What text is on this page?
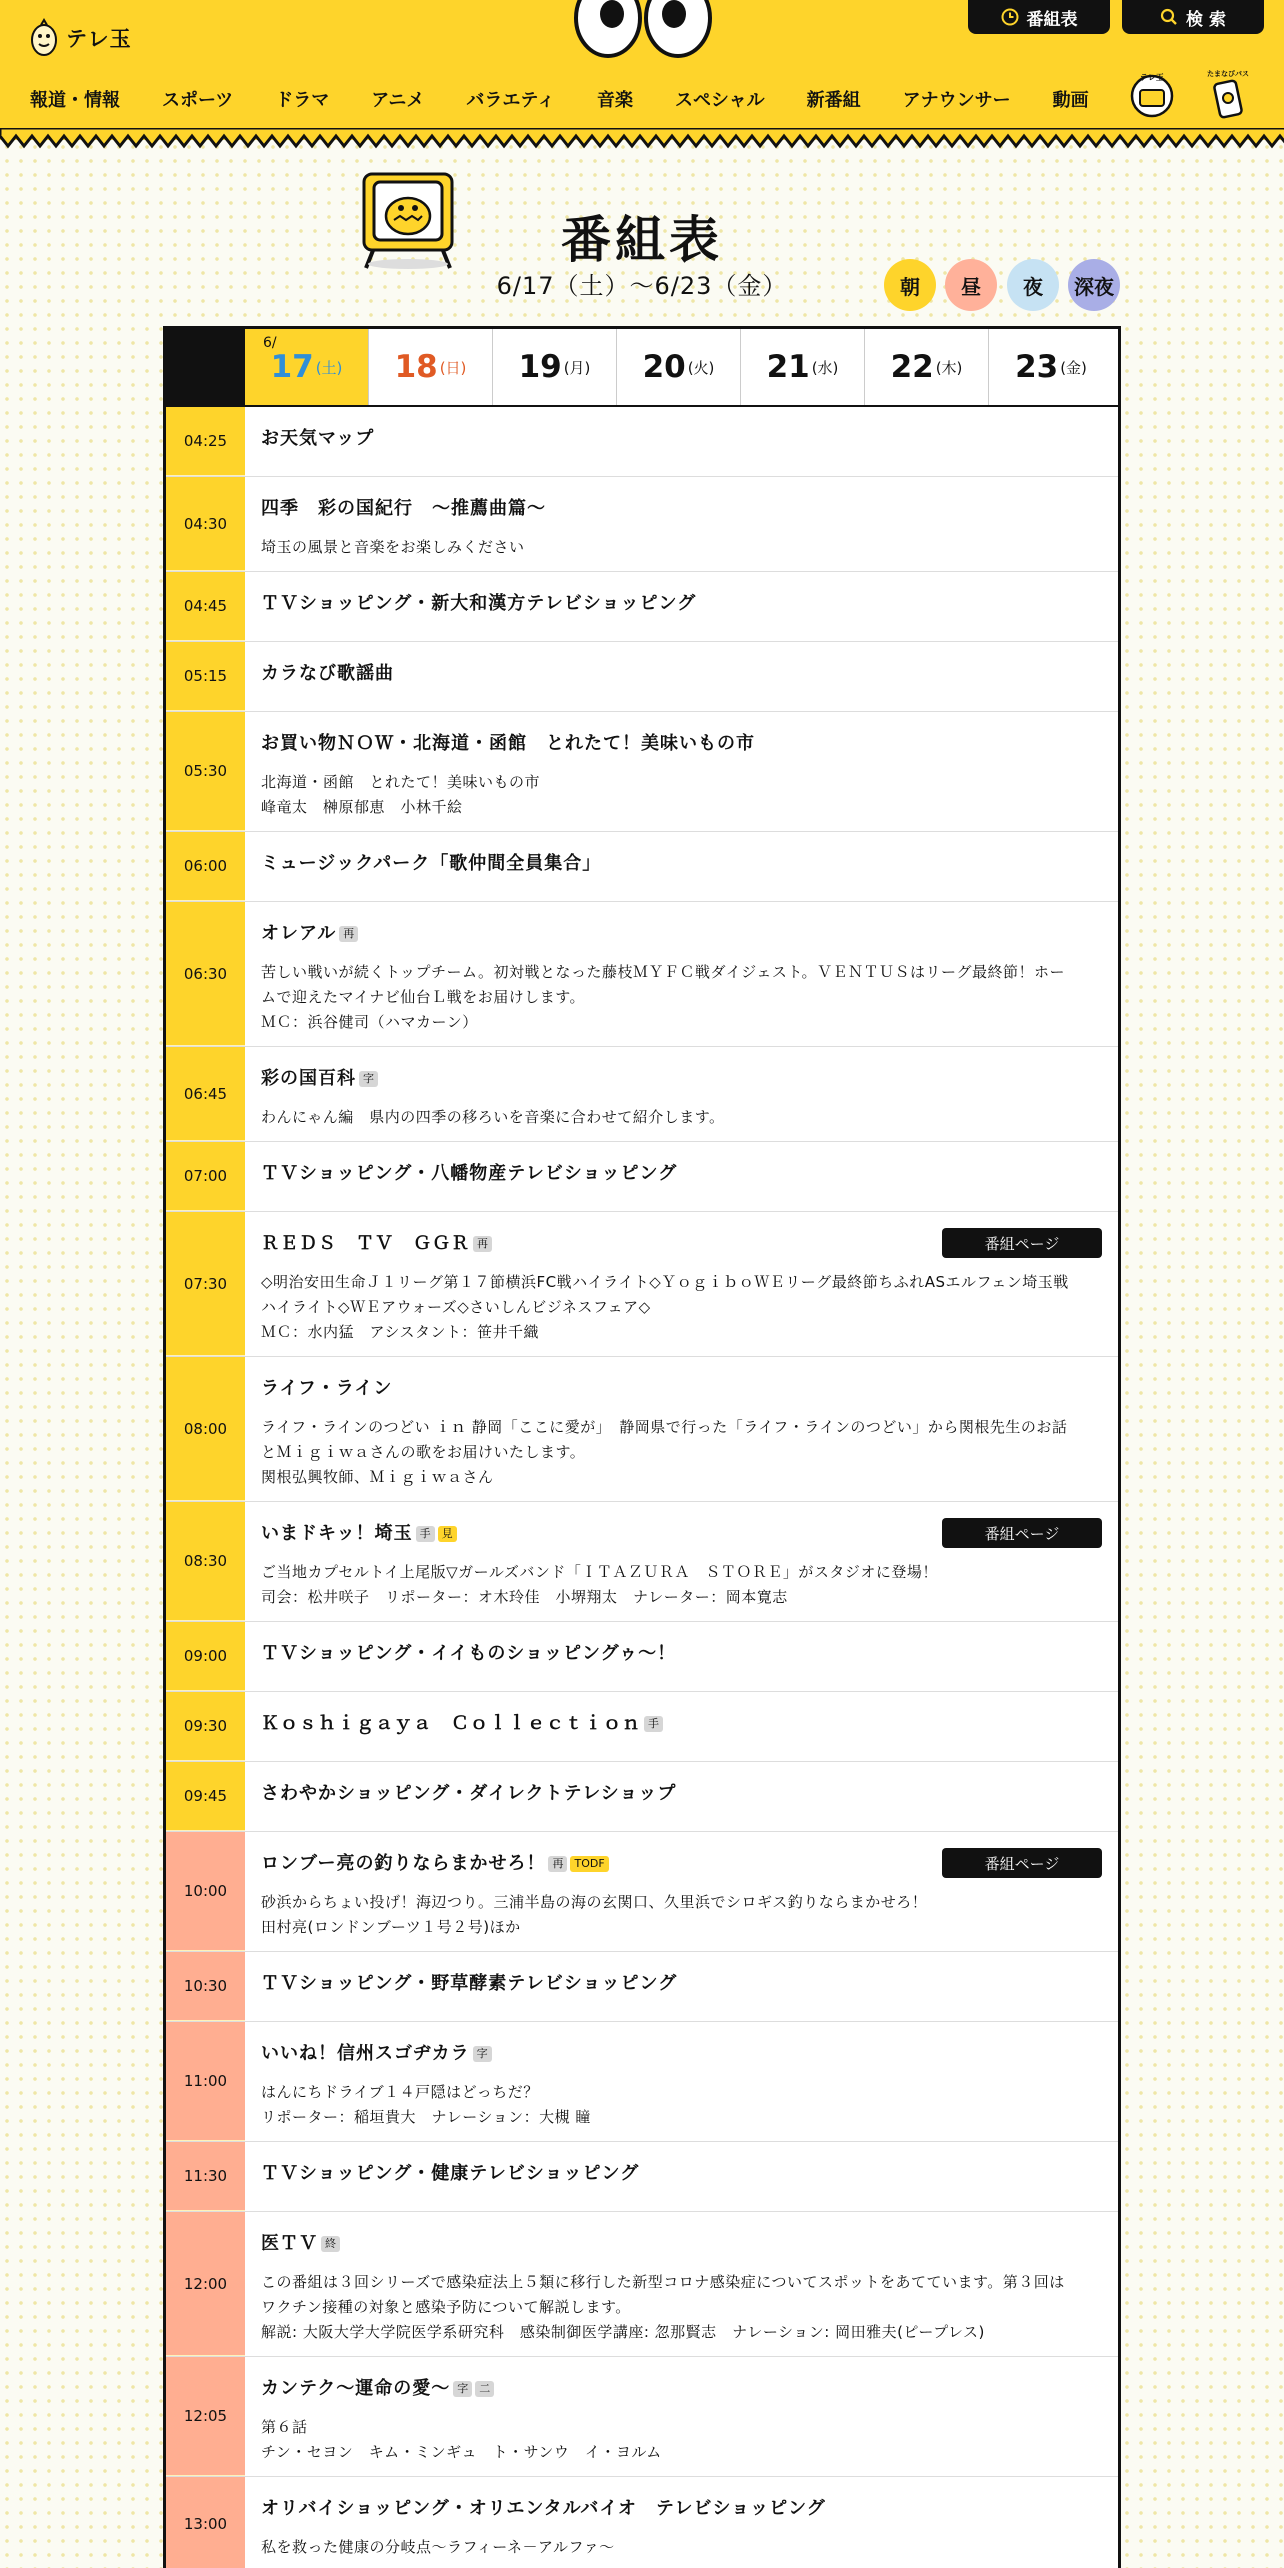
テレ玉
番組表	検 索
報道・情報 スポーツ ドラマ アニメ バラエティ 音楽 スペシャル 新番組 アナウンサー 動画
テレ玉	たまなびパス
番組表
6/17（土）〜6/23（金）	朝	昼	夜	深夜
17 (土) 18 (日) 19 (月) 20 (火) 21 (水) 22 (木) 23 (金)
6/
04:25	お天気マップ
04:30
四季　彩の国紀行　～推薦曲篇～
埼玉の風景と音楽をお楽しみください
04:45	ＴＶショッピング・新大和漢方テレビショッピング
05:15	カラなび歌謡曲
05:30
お買い物ＮＯＷ・北海道・函館　とれたて！美味いもの市
北海道・函館　とれたて！美味いもの市
峰竜太　榊原郁恵　小林千絵
06:00	ミュージックパーク「歌仲間全員集合」
06:30
オレアル 再
苦しい戦いが続くトップチーム。初対戦となった藤枝ＭＹＦＣ戦ダイジェスト。ＶＥＮＴＵＳはリーグ最終節！ホー
ムで迎えたマイナビ仙台Ｌ戦をお届けします。
ＭＣ：浜谷健司（ハマカーン）
06:45
彩の国百科 字
わんにゃん編　県内の四季の移ろいを音楽に合わせて紹介します。
07:00	ＴＶショッピング・八幡物産テレビショッピング
07:30
ＲＥＤＳ　ＴＶ　ＧＧＲ 再
◇明治安田生命Ｊ１リーグ第１７節横浜FC戦ハイライト◇ＹｏｇｉｂｏＷＥリーグ最終節ちふれASエルフェン埼玉戦
ハイライト◇ＷＥアウォーズ◇さいしんビジネスフェア◇
ＭＣ：水内猛　アシスタント：笹井千織
番組ページ
08:00
ライフ・ライン
ライフ・ラインのつどい ｉｎ 静岡「ここに愛が」　静岡県で行った「ライフ・ラインのつどい」から関根先生のお話
とＭｉｇｉｗａさんの歌をお届けいたします。
関根弘興牧師、Ｍｉｇｉｗａさん
08:30
いまドキッ！埼玉 手 見
ご当地カプセルトイ上尾版▽ガールズバンド「ＩＴＡＺＵＲＡ　ＳＴＯＲＥ」がスタジオに登場！
司会：松井咲子　リポーター：オ木玲佳　小堺翔太　ナレーター：岡本寛志
番組ページ
09:00	ＴＶショッピング・イイものショッピングゥ～！
09:30	Ｋｏｓｈｉｇａｙａ　Ｃｏｌｌｅｃｔｉｏｎ 手
09:45	さわやかショッピング・ダイレクトテレショップ
10:00
ロンブー亮の釣りならまかせろ！ 再 TODF
砂浜からちょい投げ！海辺つり。三浦半島の海の玄関口、久里浜でシロギス釣りならまかせろ！
田村亮(ロンドンブーツ１号２号)ほか
番組ページ
10:30	ＴＶショッピング・野草酵素テレビショッピング
11:00
いいね！信州スゴヂカラ 字
はんにちドライブ１４戸隠はどっちだ？
リポーター：稲垣貴大　ナレーション：大槻 瞳
11:30	ＴＶショッピング・健康テレビショッピング
12:00
医ＴＶ 終
この番組は３回シリーズで感染症法上５類に移行した新型コロナ感染症についてスポットをあてています。第３回は
ワクチン接種の対象と感染予防について解説します。
解説: 大阪大学大学院医学系研究科　感染制御医学講座: 忽那賢志　ナレーション: 岡田雅夫(ピープレス)
12:05
カンテク～運命の愛～ 字 二
第６話
チン・セヨン　キム・ミンギュ　ト・サンウ　イ・ヨルム
13:00
オリバイショッピング・オリエンタルバイオ　テレビショッピング
私を救った健康の分岐点～ラフィーネ－アルファ～
